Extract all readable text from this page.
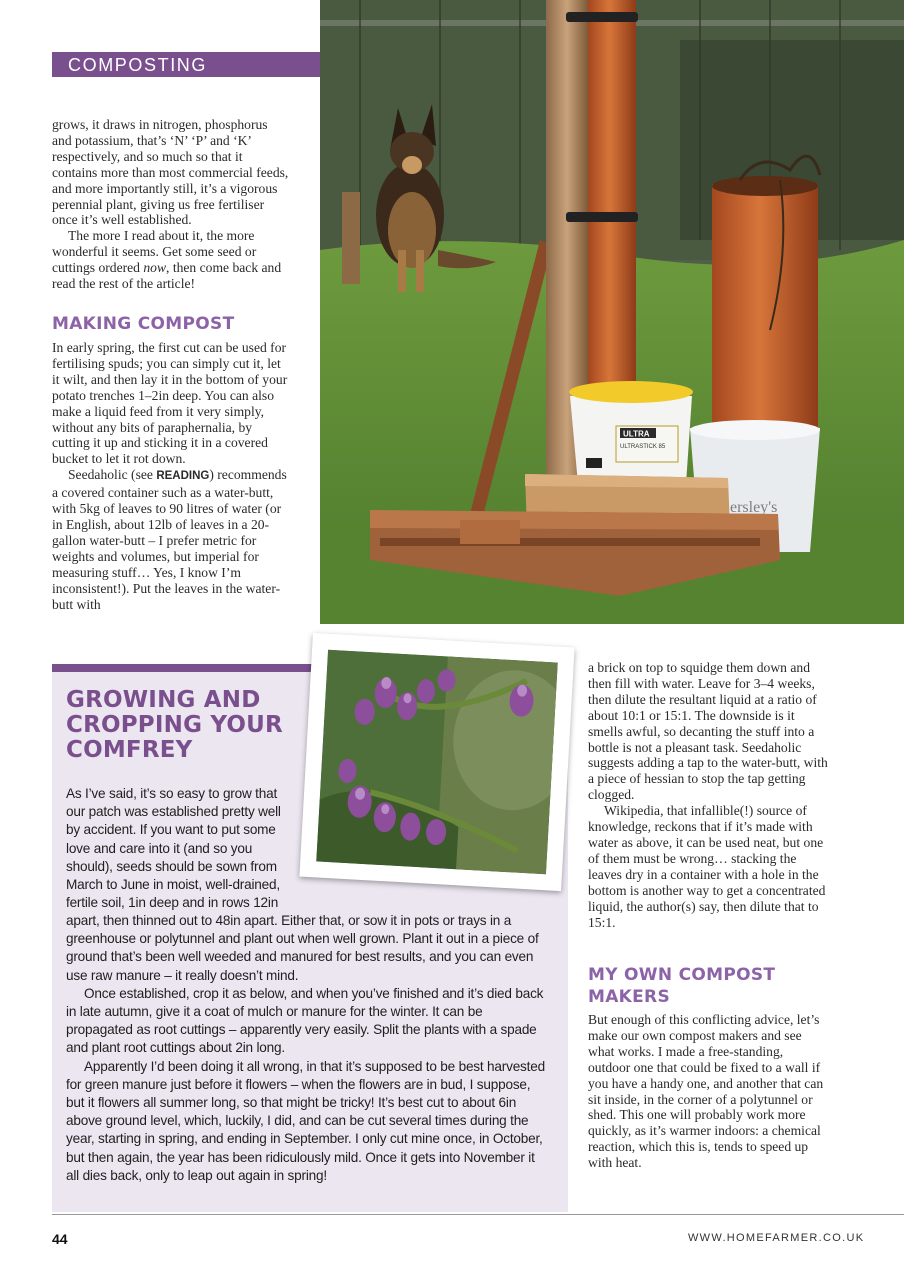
ersley's
ULTRA
ULTRASTICK 85
COMPOSTING

grows, it draws in nitrogen, phosphorus and potassium, that’s ‘N’ ‘P’ and ‘K’ respectively, and so much so that it contains more than most commercial feeds, and more importantly still, it’s a vigorous perennial plant, giving us free fertiliser once it’s well established.

The more I read about it, the more wonderful it seems. Get some seed or cuttings ordered now, then come back and read the rest of the article!

MAKING COMPOST

In early spring, the first cut can be used for fertilising spuds; you can simply cut it, let it wilt, and then lay it in the bottom of your potato trenches 1–2in deep. You can also make a liquid feed from it very simply, without any bits of paraphernalia, by cutting it up and sticking it in a covered bucket to let it rot down.

Seedaholic (see READING) recommends a covered container such as a water-butt, with 5kg of leaves to 90 litres of water (or in English, about 12lb of leaves in a 20-gallon water-butt – I prefer metric for weights and volumes, but imperial for measuring stuff… Yes, I know I’m inconsistent!). Put the leaves in the water-butt with

GROWING AND CROPPING YOUR COMFREY
As I’ve said, it’s so easy to grow that
our patch was established pretty well
by accident. If you want to put some
love and care into it (and so you
should), seeds should be sown from
March to June in moist, well-drained,
fertile soil, 1in deep and in rows 12in

apart, then thinned out to 48in apart. Either that, or sow it in pots or trays in a greenhouse or polytunnel and plant out when well grown. Plant it out in a piece of ground that’s been well weeded and manured for best results, and you can even use raw manure – it really doesn’t mind.

Once established, crop it as below, and when you’ve finished and it’s died back in late autumn, give it a coat of mulch or manure for the winter. It can be propagated as root cuttings – apparently very easily. Split the plants with a spade and plant root cuttings about 2in long.

Apparently I’d been doing it all wrong, in that it’s supposed to be best harvested for green manure just before it flowers – when the flowers are in bud, I suppose, but it flowers all summer long, so that might be tricky! It’s best cut to about 6in above ground level, which, luckily, I did, and can be cut several times during the year, starting in spring, and ending in September. I only cut mine once, in October, but then again, the year has been ridiculously mild. Once it gets into November it all dies back, only to leap out again in spring!

a brick on top to squidge them down and then fill with water. Leave for 3–4 weeks, then dilute the resultant liquid at a ratio of about 10:1 or 15:1. The downside is it smells awful, so decanting the stuff into a bottle is not a pleasant task. Seedaholic suggests adding a tap to the water-butt, with a piece of hessian to stop the tap getting clogged.

Wikipedia, that infallible(!) source of knowledge, reckons that if it’s made with water as above, it can be used neat, but one of them must be wrong… stacking the leaves dry in a container with a hole in the bottom is another way to get a concentrated liquid, the author(s) say, then dilute that to 15:1.

MY OWN COMPOST MAKERS

But enough of this conflicting advice, let’s make our own compost makers and see what works. I made a free-standing, outdoor one that could be fixed to a wall if you have a handy one, and another that can sit inside, in the corner of a polytunnel or shed. This one will probably work more quickly, as it’s warmer indoors: a chemical reaction, which this is, tends to speed up with heat.

44	WWW.HOMEFARMER.CO.UK
